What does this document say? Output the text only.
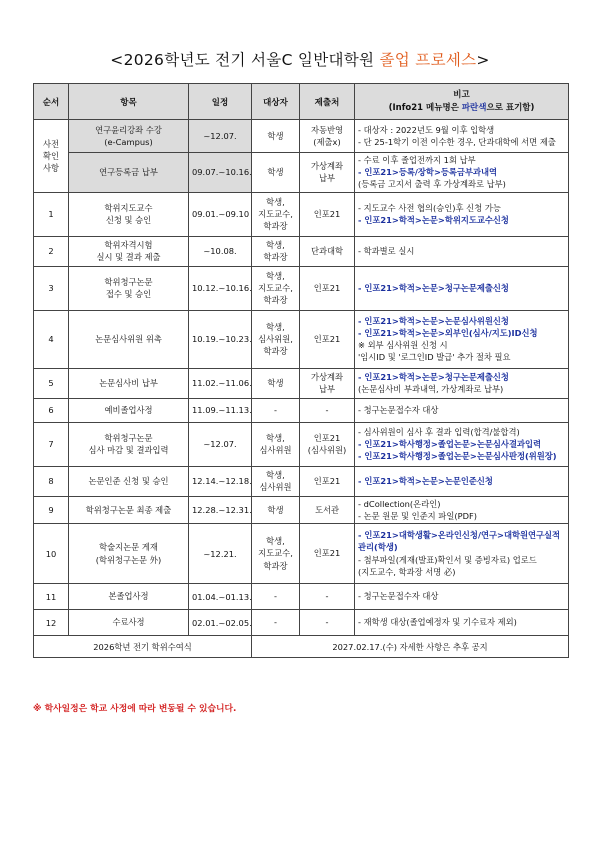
<2026학년도 전기 서울C 일반대학원 졸업 프로세스>
순서	항목	일정	대상자	제출처	비고
(Info21 메뉴명은 파란색으로 표기함)

사전
확인
사항	연구윤리강좌 수강
(e-Campus)	~12.07.	학생	자동반영
(제출x)	- 대상자 : 2022년도 9월 이후 입학생
- 단 25-1학기 이전 이수한 경우, 단과대학에 서면 제출

	연구등록금 납부	09.07.~10.16.	학생	가상계좌
납부	- 수료 이후 졸업전까지 1회 납부
- 인포21>등록/장학>등록금부과내역
(등록금 고지서 출력 후 가상계좌로 납부)

1	학위지도교수
신청 및 승인	09.01.~09.10	학생,
지도교수,
학과장	인포21	- 지도교수 사전 협의(승인)후 신청 가능
- 인포21>학적>논문>학위지도교수신청

2	학위자격시험
실시 및 결과 제출	~10.08.	학생,
학과장	단과대학	- 학과별로 실시

3	학위청구논문
접수 및 승인	10.12.~10.16.	학생,
지도교수,
학과장	인포21	- 인포21>학적>논문>청구논문제출신청

4	논문심사위원 위촉	10.19.~10.23.	학생,
심사위원,
학과장	인포21	- 인포21>학적>논문>논문심사위원신청
- 인포21>학적>논문>외부인(심사/지도)ID신청
※ 외부 심사위원 신청 시
'임시ID 및 '로그인ID 발급' 추가 절차 필요

5	논문심사비 납부	11.02.~11.06.	학생	가상계좌
납부	- 인포21>학적>논문>청구논문제출신청
(논문심사비 부과내역, 가상계좌로 납부)

6	예비졸업사정	11.09.~11.13.	-	-	- 청구논문접수자 대상

7	학위청구논문
심사 마감 및 결과입력	~12.07.	학생,
심사위원	인포21
(심사위원)	- 심사위원이 심사 후 결과 입력(합격/불합격)
- 인포21>학사행정>졸업논문>논문심사결과입력
- 인포21>학사행정>졸업논문>논문심사판정(위원장)

8	논문인준 신청 및 승인	12.14.~12.18.	학생,
심사위원	인포21	- 인포21>학적>논문>논문인준신청

9	학위청구논문 최종 제출	12.28.~12.31.	학생	도서관	- dCollection(온라인)
- 논문 원문 및 인준지 파일(PDF)

10	학술지논문 게재
(학위청구논문 外)	~12.21.	학생,
지도교수,
학과장	인포21	- 인포21>대학생활>온라인신청/연구>대학원연구실적
관리(학생)
- 첨부파일(게재(발표)확인서 및 증빙자료) 업로드
(지도교수, 학과장 서명 必)

11	본졸업사정	01.04.~01.13.	-	-	- 청구논문접수자 대상

12	수료사정	02.01.~02.05.	-	-	- 재학생 대상(졸업예정자 및 기수료자 제외)

2026학년 전기 학위수여식			2027.02.17.(수) 자세한 사항은 추후 공지		
※ 학사일정은 학교 사정에 따라 변동될 수 있습니다.
